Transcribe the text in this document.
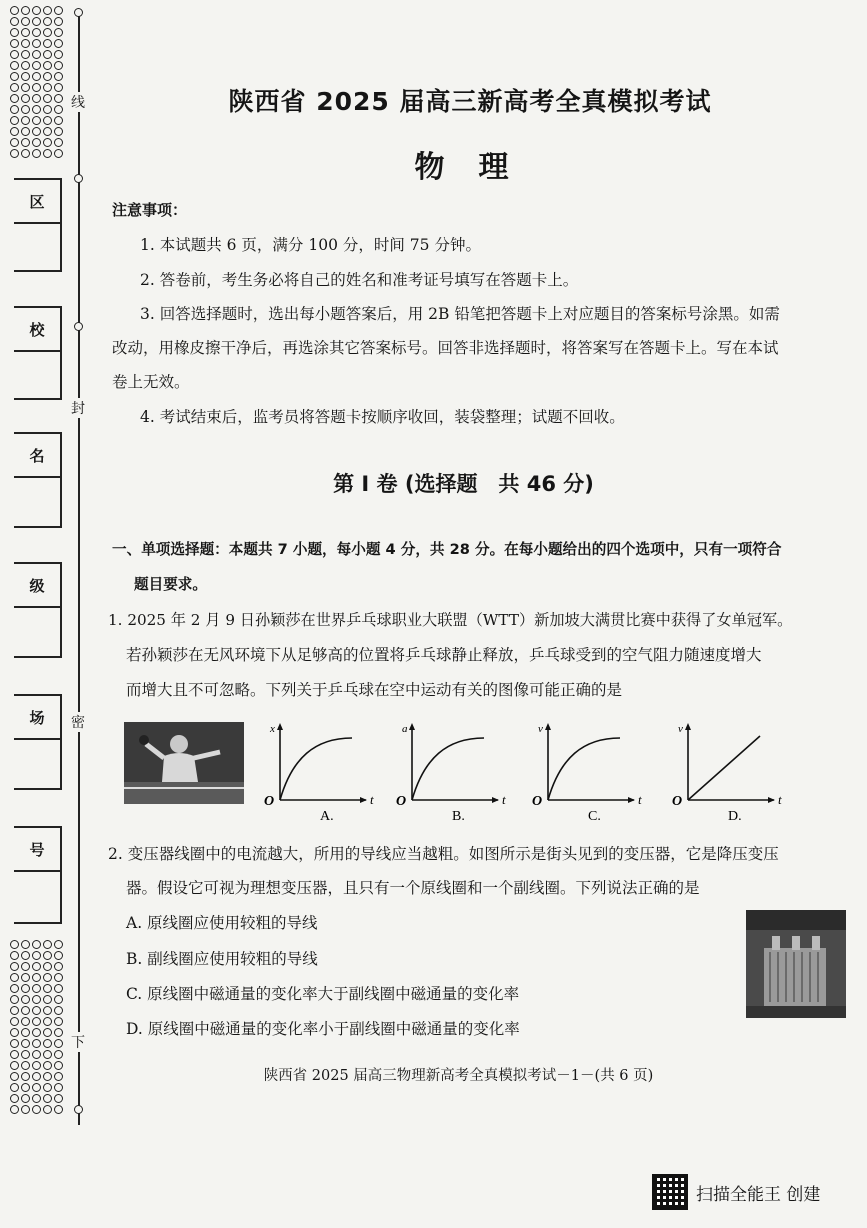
线
封
密
下
区
校
名
级
场
号
陕西省 2025 届高三新高考全真模拟考试
物理
注意事项：
1. 本试题共 6 页，满分 100 分，时间 75 分钟。
2. 答卷前，考生务必将自己的姓名和准考证号填写在答题卡上。
3. 回答选择题时，选出每小题答案后，用 2B 铅笔把答题卡上对应题目的答案标号涂黑。如需
改动，用橡皮擦干净后，再选涂其它答案标号。回答非选择题时，将答案写在答题卡上。写在本试
卷上无效。
4. 考试结束后，监考员将答题卡按顺序收回，装袋整理；试题不回收。
第 I 卷 (选择题　共 46 分)
一、单项选择题：本题共 7 小题，每小题 4 分，共 28 分。在每小题给出的四个选项中，只有一项符合
题目要求。
1. 2025 年 2 月 9 日孙颖莎在世界乒乓球职业大联盟（WTT）新加坡大满贯比赛中获得了女单冠军。
若孙颖莎在无风环境下从足够高的位置将乒乓球静止释放，乒乓球受到的空气阻力随速度增大
而增大且不可忽略。下列关于乒乓球在空中运动有关的图像可能正确的是
x
t
O
A.
a
t
O
B.
v
t
O
C.
v
t
O
D.
2. 变压器线圈中的电流越大，所用的导线应当越粗。如图所示是街头见到的变压器，它是降压变压
器。假设它可视为理想变压器，且只有一个原线圈和一个副线圈。下列说法正确的是
A. 原线圈应使用较粗的导线
B. 副线圈应使用较粗的导线
C. 原线圈中磁通量的变化率大于副线圈中磁通量的变化率
D. 原线圈中磁通量的变化率小于副线圈中磁通量的变化率
陕西省 2025 届高三物理新高考全真模拟考试－1－(共 6 页)
扫描全能王 创建
